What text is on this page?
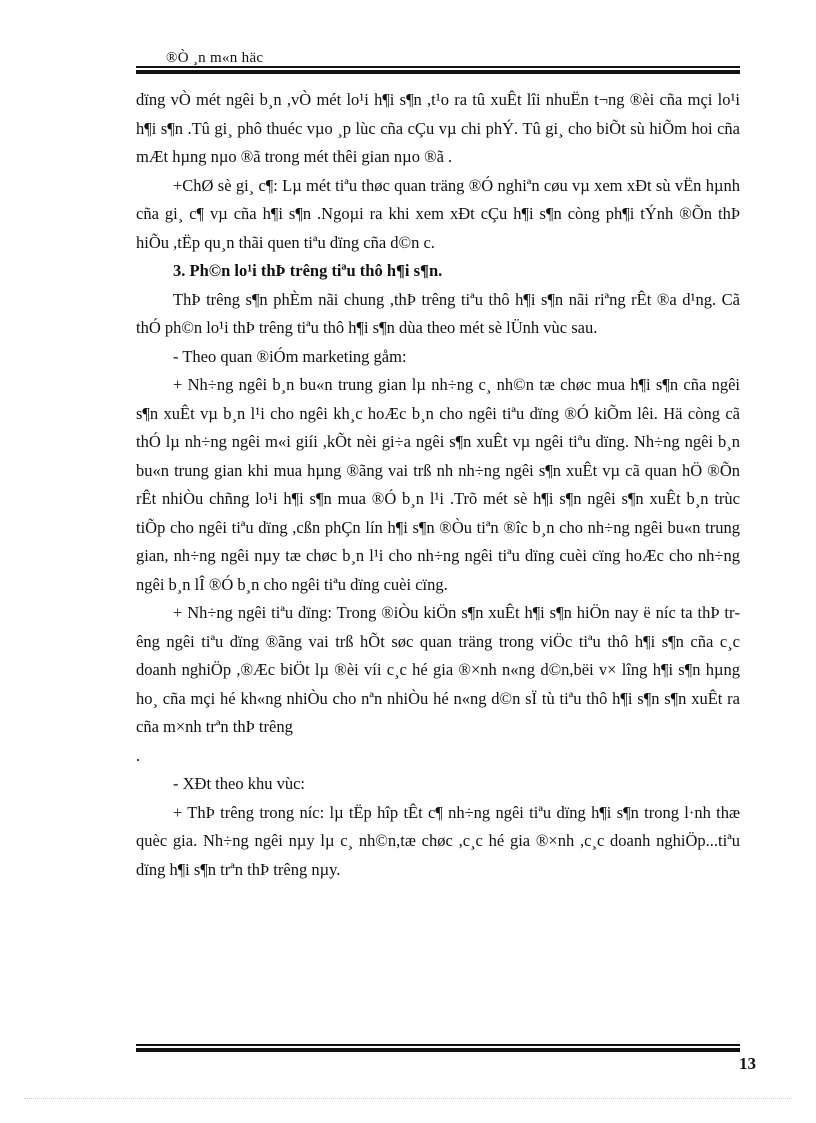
®Ò ¸n m«n häc

dïng vÒ mét ngêi b¸n ,vÒ mét lo¹i h¶i s¶n ,t¹o ra tû xuÊt lîi nhuËn t¬ng ®èi cña mçi lo¹i h¶i s¶n .Tû gi¸ phô thuéc vµo ¸p lùc cña cÇu vµ chi phÝ. Tû gi¸ cho biÕt sù hiÕm hoi cña mÆt hµng nµo ®ã trong mét thêi gian nµo ®ã .

+ChØ sè gi¸ c¶: Lµ mét tiªu thøc quan träng ®Ó nghiªn cøu vµ xem xÐt sù vËn hµnh cña gi¸ c¶ vµ cña h¶i s¶n .Ngoµi ra khi xem xÐt cÇu h¶i s¶n còng ph¶i tÝnh ®Õn thÞ hiÕu ,tËp qu¸n thãi quen tiªu dïng cña d©n c.

3. Ph©n lo¹i thÞ trêng tiªu thô h¶i s¶n.

ThÞ trêng s¶n phÈm nãi chung ,thÞ trêng tiªu thô h¶i s¶n nãi riªng rÊt ®a d¹ng. Cã thÓ ph©n lo¹i thÞ trêng tiªu thô h¶i s¶n dùa theo mét sè lÜnh vùc sau.

- Theo quan ®iÓm marketing gåm:

+ Nh÷ng ngêi b¸n bu«n trung gian lµ nh÷ng c¸ nh©n tæ chøc mua h¶i s¶n cña ngêi s¶n xuÊt vµ b¸n l¹i cho ngêi kh¸c hoÆc b¸n cho ngêi tiªu dïng ®Ó kiÕm lêi. Hä còng cã thÓ lµ nh÷ng ngêi m«i giíi ,kÕt nèi gi÷a ngêi s¶n xuÊt vµ ngêi tiªu dïng. Nh÷ng ngêi b¸n bu«n trung gian khi mua hµng ®ãng vai trß nh nh÷ng ngêi s¶n xuÊt vµ cã quan hÖ ®Õn rÊt nhiÒu chñng lo¹i h¶i s¶n mua ®Ó b¸n l¹i .Trõ mét sè h¶i s¶n ngêi s¶n xuÊt b¸n trùc tiÕp cho ngêi tiªu dïng ,cßn phÇn lín h¶i s¶n ®Òu tiªn ®îc b¸n cho nh÷ng ngêi bu«n trung gian, nh÷ng ngêi nµy tæ chøc b¸n l¹i cho nh÷ng ngêi tiªu dïng cuèi cïng hoÆc cho nh÷ng ngêi b¸n lÎ ®Ó b¸n cho ngêi tiªu dïng cuèi cïng.

+ Nh÷ng ngêi tiªu dïng: Trong ®iÒu kiÖn s¶n xuÊt h¶i s¶n hiÖn nay ë níc ta thÞ trêng ngêi tiªu dïng ®ãng vai trß hÕt søc quan träng trong viÖc tiªu thô h¶i s¶n cña c¸c doanh nghiÖp ,®Æc biÖt lµ ®èi víi c¸c hé gia ®×nh n«ng d©n,bëi v× lîng h¶i s¶n hµng ho¸ cña mçi hé kh«ng nhiÒu cho nªn nhiÒu hé n«ng d©n sÏ tù tiªu thô h¶i s¶n s¶n xuÊt ra cña m×nh trªn thÞ trêng

.

- XÐt theo khu vùc:

+ ThÞ trêng trong níc: lµ tËp hîp tÊt c¶ nh÷ng ngêi tiªu dïng h¶i s¶n trong l·nh thæ quèc gia. Nh÷ng ngêi nµy lµ c¸ nh©n,tæ chøc ,c¸c hé gia ®×nh ,c¸c doanh nghiÖp...tiªu dïng h¶i s¶n trªn thÞ trêng nµy.

13
